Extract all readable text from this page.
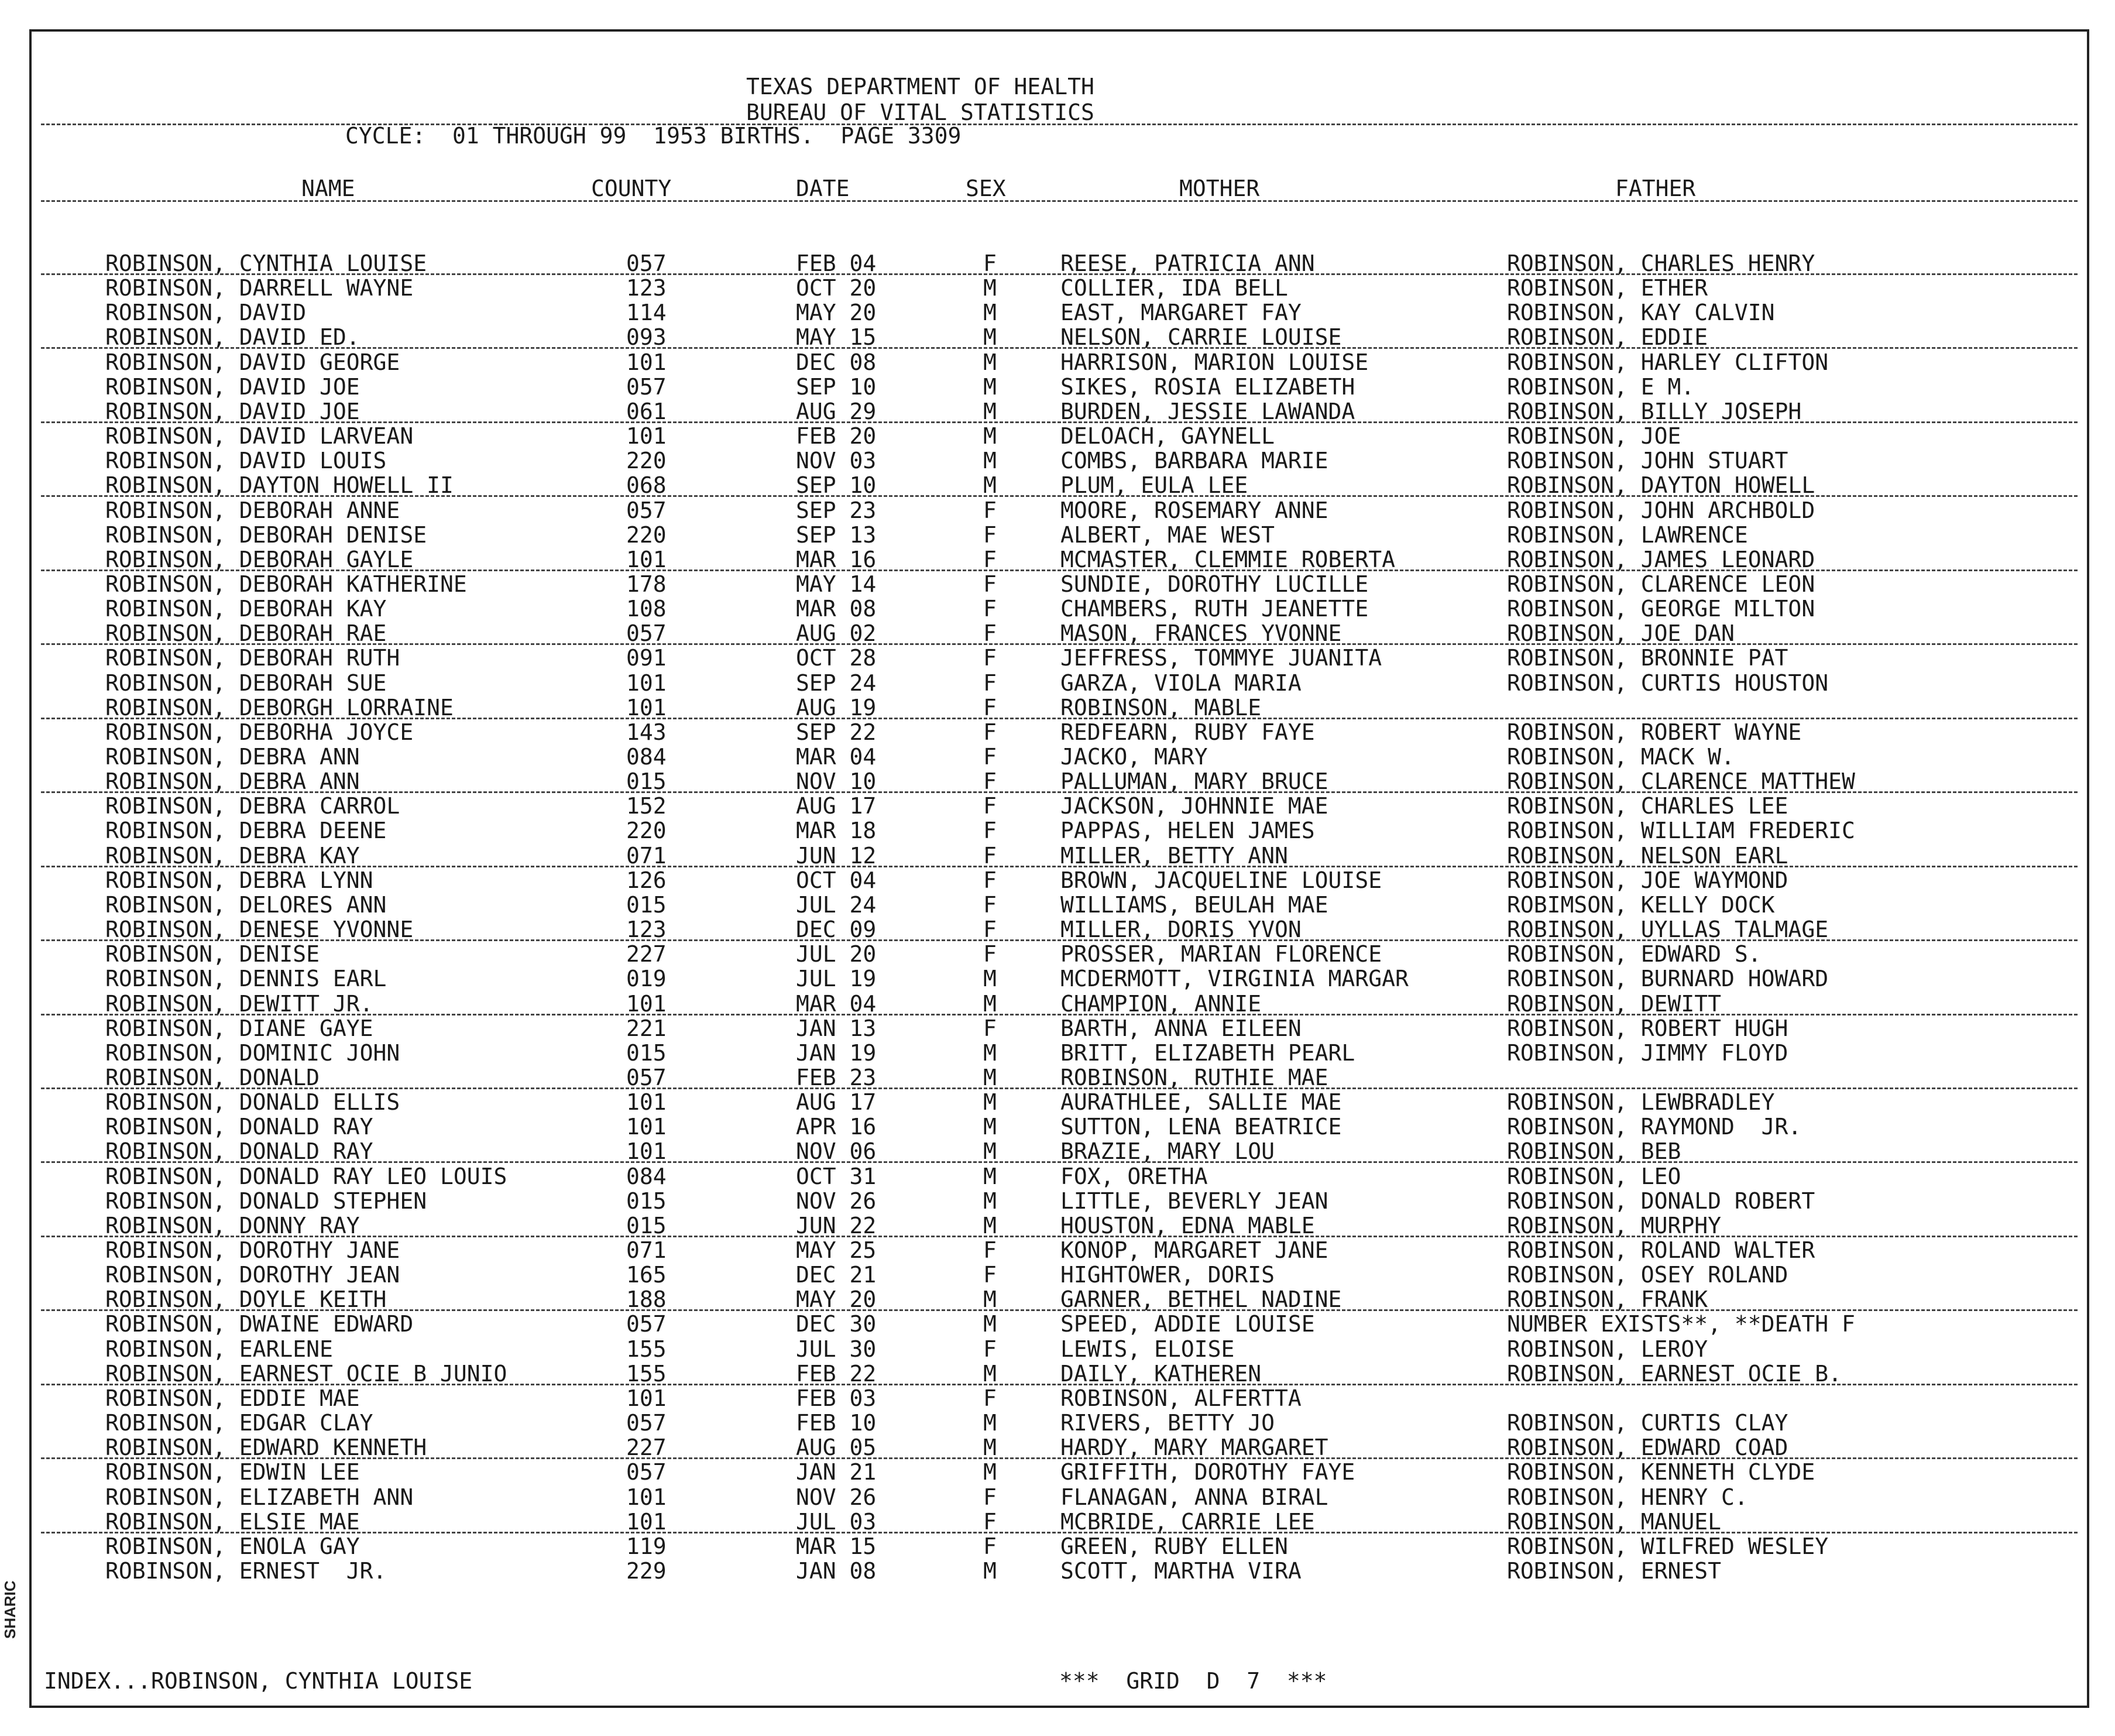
SHARIC
TEXAS DEPARTMENT OF HEALTH
BUREAU OF VITAL STATISTICS
CYCLE:  01 THROUGH 99  1953 BIRTHS.  PAGE 3309
NAME	COUNTY	DATE	SEX	MOTHER	FATHER
ROBINSON, CYNTHIA LOUISE	057	FEB 04	F	REESE, PATRICIA ANN	ROBINSON, CHARLES HENRY
ROBINSON, DARRELL WAYNE	123	OCT 20	M	COLLIER, IDA BELL	ROBINSON, ETHER
ROBINSON, DAVID	114	MAY 20	M	EAST, MARGARET FAY	ROBINSON, KAY CALVIN
ROBINSON, DAVID ED.	093	MAY 15	M	NELSON, CARRIE LOUISE	ROBINSON, EDDIE
ROBINSON, DAVID GEORGE	101	DEC 08	M	HARRISON, MARION LOUISE	ROBINSON, HARLEY CLIFTON
ROBINSON, DAVID JOE	057	SEP 10	M	SIKES, ROSIA ELIZABETH	ROBINSON, E M.
ROBINSON, DAVID JOE	061	AUG 29	M	BURDEN, JESSIE LAWANDA	ROBINSON, BILLY JOSEPH
ROBINSON, DAVID LARVEAN	101	FEB 20	M	DELOACH, GAYNELL	ROBINSON, JOE
ROBINSON, DAVID LOUIS	220	NOV 03	M	COMBS, BARBARA MARIE	ROBINSON, JOHN STUART
ROBINSON, DAYTON HOWELL II	068	SEP 10	M	PLUM, EULA LEE	ROBINSON, DAYTON HOWELL
ROBINSON, DEBORAH ANNE	057	SEP 23	F	MOORE, ROSEMARY ANNE	ROBINSON, JOHN ARCHBOLD
ROBINSON, DEBORAH DENISE	220	SEP 13	F	ALBERT, MAE WEST	ROBINSON, LAWRENCE
ROBINSON, DEBORAH GAYLE	101	MAR 16	F	MCMASTER, CLEMMIE ROBERTA	ROBINSON, JAMES LEONARD
ROBINSON, DEBORAH KATHERINE	178	MAY 14	F	SUNDIE, DOROTHY LUCILLE	ROBINSON, CLARENCE LEON
ROBINSON, DEBORAH KAY	108	MAR 08	F	CHAMBERS, RUTH JEANETTE	ROBINSON, GEORGE MILTON
ROBINSON, DEBORAH RAE	057	AUG 02	F	MASON, FRANCES YVONNE	ROBINSON, JOE DAN
ROBINSON, DEBORAH RUTH	091	OCT 28	F	JEFFRESS, TOMMYE JUANITA	ROBINSON, BRONNIE PAT
ROBINSON, DEBORAH SUE	101	SEP 24	F	GARZA, VIOLA MARIA	ROBINSON, CURTIS HOUSTON
ROBINSON, DEBORGH LORRAINE	101	AUG 19	F	ROBINSON, MABLE
ROBINSON, DEBORHA JOYCE	143	SEP 22	F	REDFEARN, RUBY FAYE	ROBINSON, ROBERT WAYNE
ROBINSON, DEBRA ANN	084	MAR 04	F	JACKO, MARY	ROBINSON, MACK W.
ROBINSON, DEBRA ANN	015	NOV 10	F	PALLUMAN, MARY BRUCE	ROBINSON, CLARENCE MATTHEW
ROBINSON, DEBRA CARROL	152	AUG 17	F	JACKSON, JOHNNIE MAE	ROBINSON, CHARLES LEE
ROBINSON, DEBRA DEENE	220	MAR 18	F	PAPPAS, HELEN JAMES	ROBINSON, WILLIAM FREDERIC
ROBINSON, DEBRA KAY	071	JUN 12	F	MILLER, BETTY ANN	ROBINSON, NELSON EARL
ROBINSON, DEBRA LYNN	126	OCT 04	F	BROWN, JACQUELINE LOUISE	ROBINSON, JOE WAYMOND
ROBINSON, DELORES ANN	015	JUL 24	F	WILLIAMS, BEULAH MAE	ROBIMSON, KELLY DOCK
ROBINSON, DENESE YVONNE	123	DEC 09	F	MILLER, DORIS YVON	ROBINSON, UYLLAS TALMAGE
ROBINSON, DENISE	227	JUL 20	F	PROSSER, MARIAN FLORENCE	ROBINSON, EDWARD S.
ROBINSON, DENNIS EARL	019	JUL 19	M	MCDERMOTT, VIRGINIA MARGAR	ROBINSON, BURNARD HOWARD
ROBINSON, DEWITT JR.	101	MAR 04	M	CHAMPION, ANNIE	ROBINSON, DEWITT
ROBINSON, DIANE GAYE	221	JAN 13	F	BARTH, ANNA EILEEN	ROBINSON, ROBERT HUGH
ROBINSON, DOMINIC JOHN	015	JAN 19	M	BRITT, ELIZABETH PEARL	ROBINSON, JIMMY FLOYD
ROBINSON, DONALD	057	FEB 23	M	ROBINSON, RUTHIE MAE
ROBINSON, DONALD ELLIS	101	AUG 17	M	AURATHLEE, SALLIE MAE	ROBINSON, LEWBRADLEY
ROBINSON, DONALD RAY	101	APR 16	M	SUTTON, LENA BEATRICE	ROBINSON, RAYMOND  JR.
ROBINSON, DONALD RAY	101	NOV 06	M	BRAZIE, MARY LOU	ROBINSON, BEB
ROBINSON, DONALD RAY LEO LOUIS	084	OCT 31	M	FOX, ORETHA	ROBINSON, LEO
ROBINSON, DONALD STEPHEN	015	NOV 26	M	LITTLE, BEVERLY JEAN	ROBINSON, DONALD ROBERT
ROBINSON, DONNY RAY	015	JUN 22	M	HOUSTON, EDNA MABLE	ROBINSON, MURPHY
ROBINSON, DOROTHY JANE	071	MAY 25	F	KONOP, MARGARET JANE	ROBINSON, ROLAND WALTER
ROBINSON, DOROTHY JEAN	165	DEC 21	F	HIGHTOWER, DORIS	ROBINSON, OSEY ROLAND
ROBINSON, DOYLE KEITH	188	MAY 20	M	GARNER, BETHEL NADINE	ROBINSON, FRANK
ROBINSON, DWAINE EDWARD	057	DEC 30	M	SPEED, ADDIE LOUISE	NUMBER EXISTS**, **DEATH F
ROBINSON, EARLENE	155	JUL 30	F	LEWIS, ELOISE	ROBINSON, LEROY
ROBINSON, EARNEST OCIE B JUNIO	155	FEB 22	M	DAILY, KATHEREN	ROBINSON, EARNEST OCIE B.
ROBINSON, EDDIE MAE	101	FEB 03	F	ROBINSON, ALFERTTA
ROBINSON, EDGAR CLAY	057	FEB 10	M	RIVERS, BETTY JO	ROBINSON, CURTIS CLAY
ROBINSON, EDWARD KENNETH	227	AUG 05	M	HARDY, MARY MARGARET	ROBINSON, EDWARD COAD
ROBINSON, EDWIN LEE	057	JAN 21	M	GRIFFITH, DOROTHY FAYE	ROBINSON, KENNETH CLYDE
ROBINSON, ELIZABETH ANN	101	NOV 26	F	FLANAGAN, ANNA BIRAL	ROBINSON, HENRY C.
ROBINSON, ELSIE MAE	101	JUL 03	F	MCBRIDE, CARRIE LEE	ROBINSON, MANUEL
ROBINSON, ENOLA GAY	119	MAR 15	F	GREEN, RUBY ELLEN	ROBINSON, WILFRED WESLEY
ROBINSON, ERNEST  JR.	229	JAN 08	M	SCOTT, MARTHA VIRA	ROBINSON, ERNEST
INDEX...ROBINSON, CYNTHIA LOUISE	***  GRID  D  7  ***
